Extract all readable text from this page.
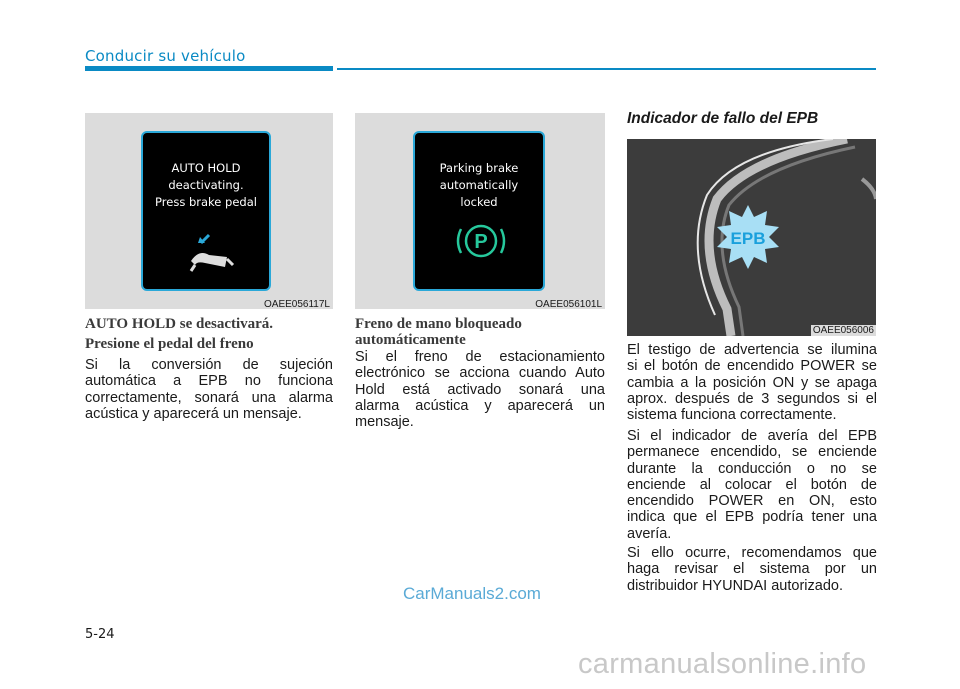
Conducir su vehículo
AUTO HOLD
deactivating.
Press brake pedal
OAEE056117L
Parking brake
automatically
locked
P
OAEE056101L
EPB
OAEE056006
AUTO HOLD se desactivará.
Presione el pedal del freno
Si la conversión de sujeción
automática a EPB no funciona
correctamente, sonará una alarma
acústica y aparecerá un mensaje.
Freno de mano bloqueado
automáticamente
Si el freno de estacionamiento
electrónico se acciona cuando Auto
Hold está activado sonará una
alarma acústica y aparecerá un
mensaje.
Indicador de fallo del EPB
El testigo de advertencia se ilumina
si el botón de encendido POWER se
cambia a la posición ON y se apaga
aprox. después de 3 segundos si el
sistema funciona correctamente.
Si el indicador de avería del EPB
permanece encendido, se enciende
durante la conducción o no se
enciende al colocar el botón de
encendido POWER en ON, esto
indica que el EPB podría tener una
avería.
Si ello ocurre, recomendamos que
haga revisar el sistema por un
distribuidor HYUNDAI autorizado.
CarManuals2.com
5-24
carmanualsonline.info
